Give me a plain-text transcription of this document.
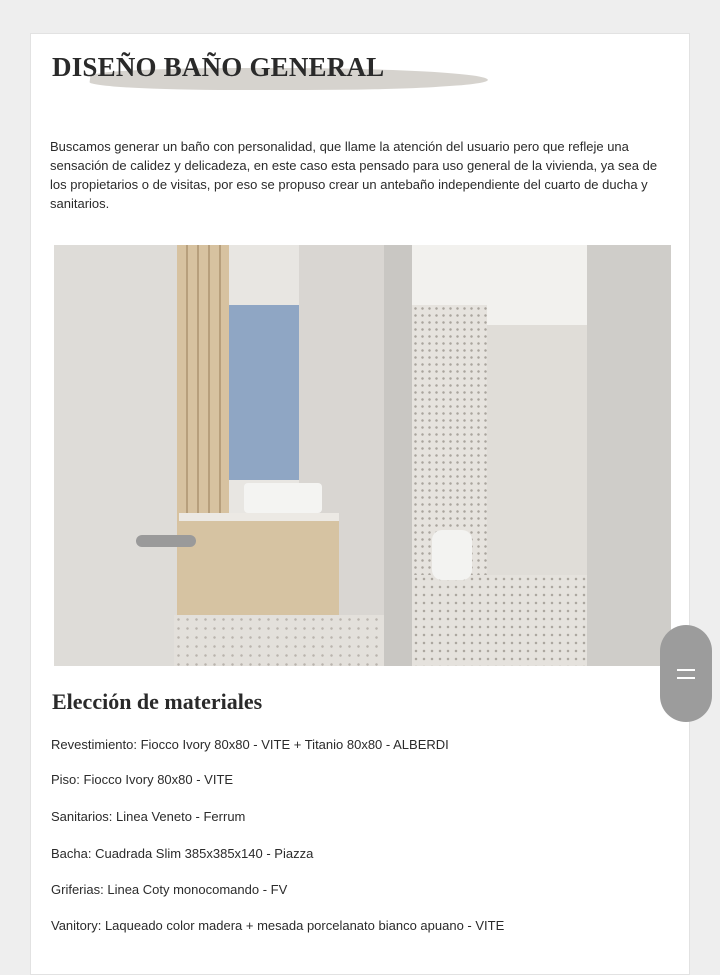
DISEÑO BAÑO GENERAL
Buscamos generar un baño con personalidad, que llame la atención del usuario pero que refleje una sensación de calidez y delicadeza, en este caso esta pensado para uso general de la vivienda, ya sea de los propietarios o de visitas, por eso se propuso crear un antebaño independiente del cuarto de ducha y sanitarios.
Elección de materiales
Revestimiento: Fiocco Ivory 80x80 - VITE + Titanio 80x80 - ALBERDI
Piso: Fiocco Ivory 80x80 - VITE
Sanitarios: Linea Veneto - Ferrum
Bacha: Cuadrada Slim 385x385x140 - Piazza
Griferias: Linea Coty monocomando - FV
Vanitory: Laqueado color madera + mesada porcelanato bianco apuano - VITE
